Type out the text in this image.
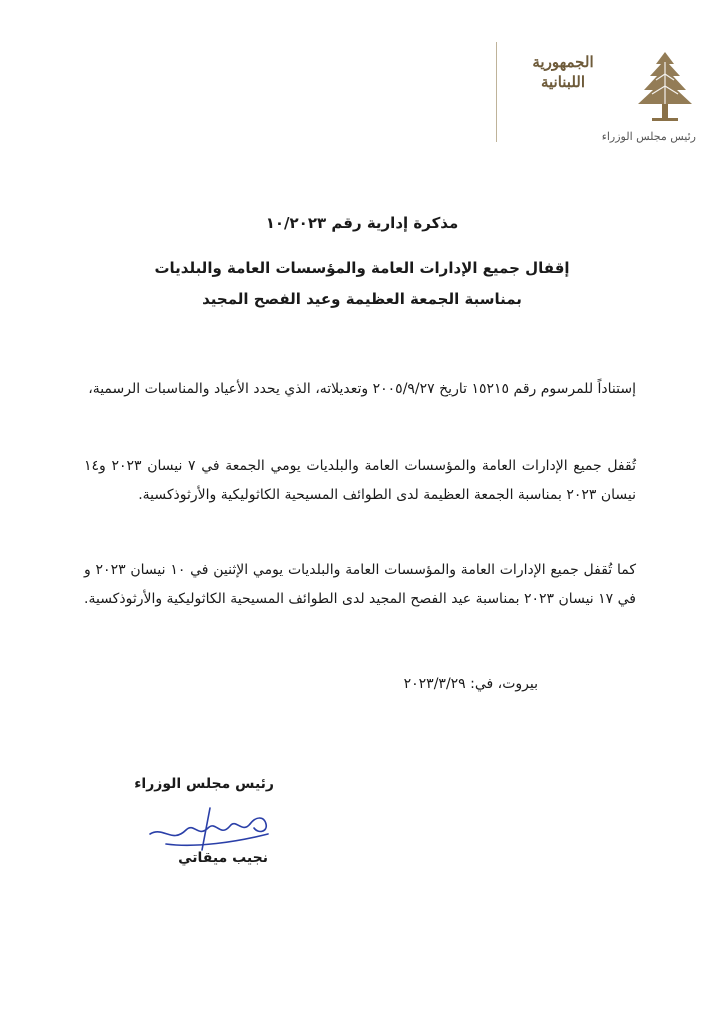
الجمهورية
اللبنانية
رئيس مجلس الوزراء
مذكرة إدارية رقم ١٠/٢٠٢٣
إقفال جميع الإدارات العامة والمؤسسات العامة والبلديات
بمناسبة الجمعة العظيمة وعيد الفصح المجيد
إستناداً للمرسوم رقم ١٥٢١٥ تاريخ ٢٠٠٥/٩/٢٧ وتعديلاته، الذي يحدد الأعياد والمناسبات الرسمية،
تُقفل جميع الإدارات العامة والمؤسسات العامة والبلديات يومي الجمعة في ٧ نيسان ٢٠٢٣ و١٤ نيسان ٢٠٢٣ بمناسبة الجمعة العظيمة لدى الطوائف المسيحية الكاثوليكية والأرثوذكسية.
كما تُقفل جميع الإدارات العامة والمؤسسات العامة والبلديات يومي الإثنين في ١٠ نيسان ٢٠٢٣ و في ١٧ نيسان ٢٠٢٣ بمناسبة عيد الفصح المجيد لدى الطوائف المسيحية الكاثوليكية والأرثوذكسية.
بيروت، في: ٢٠٢٣/٣/٢٩
رئيس مجلس الوزراء
نجيب ميقاتي
